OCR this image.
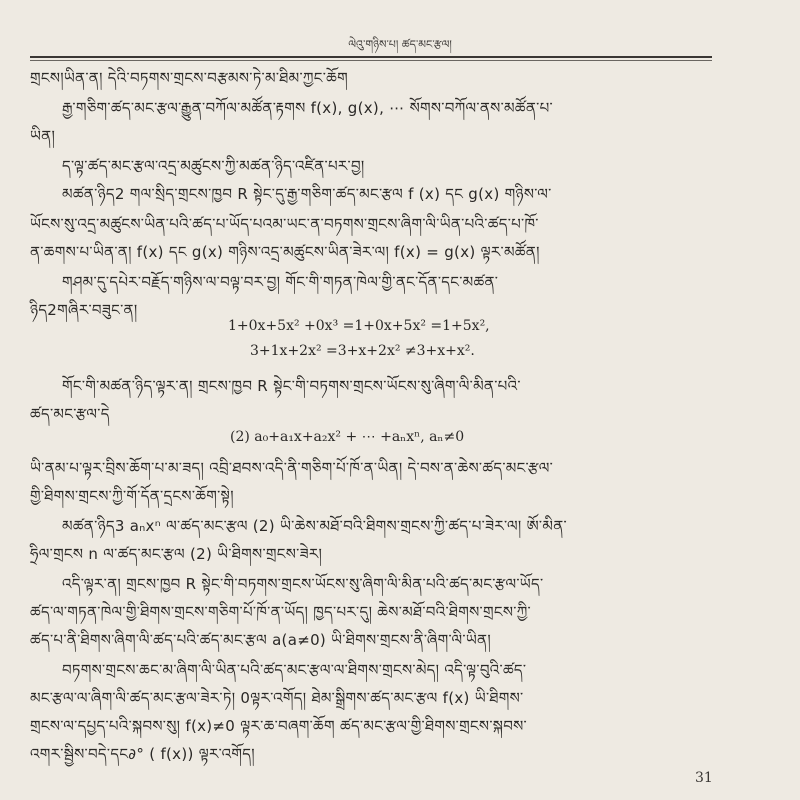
ལེའུ་གཉིས་པ། ཚད་མང་རྩལ།
གྲངས།ཡིན་ན། དེའི་བཏགས་གྲངས་བརྩམས་ཏེ་མ་ཐིམ་ཀྱང་ཆོག
རྒྱ་གཅིག་ཚད་མང་རྩལ་རྒྱུན་བཀོལ་མཚོན་རྟགས f(x), g(x), ⋯ སོགས་བཀོལ་ནས་མཚོན་པ་
ཡིན།
ད་ལྟ་ཚད་མང་རྩལ་འདྲ་མཚུངས་ཀྱི་མཚན་ཉིད་འཛིན་པར་བྱ།
མཚན་ཉིད2 གལ་སྲིད་གྲངས་ཁྱབ R སྟེང་དུ་རྒྱ་གཅིག་ཚད་མང་རྩལ f (x) དང g(x) གཉིས་ལ་
ཡོངས་སུ་འདྲ་མཚུངས་ཡིན་པའི་ཚད་པ་ཡོད་པའམ་ཡང་ན་བཏགས་གྲངས་ཞིག་ལི་ཡིན་པའི་ཚད་པ་ཁོ་
ན་ཆགས་པ་ཡིན་ན། f(x) དང g(x) གཉིས་འདྲ་མཚུངས་ཡིན་ཟེར་ལ། f(x) = g(x) ལྟར་མཚོན།
གཤམ་དུ་དཔེར་བརྗོད་གཉིས་ལ་བལྟ་བར་བྱ། གོང་གི་གཏན་ཁེལ་གྱི་ནང་དོན་དང་མཚན་
ཉིད2གཞིར་བཟུང་ན།
1+0x+5x² +0x³ =1+0x+5x² =1+5x²,
3+1x+2x² =3+x+2x² ≠3+x+x².
གོང་གི་མཚན་ཉིད་ལྟར་ན། གྲངས་ཁྱབ R སྟེང་གི་བཏགས་གྲངས་ཡོངས་སུ་ཞིག་ལི་མིན་པའི་
ཚད་མང་རྩལ་དེ
(2) a₀+a₁x+a₂x² + ⋯ +aₙxⁿ, aₙ≠0
ཡི་ནམ་པ་ལྟར་བྲིས་ཆོག་པ་མ་ཟད། འབྲི་ཐབས་འདི་ནི་གཅིག་པོ་ཁོ་ན་ཡིན། དེ་བས་ན་ཆེས་ཚད་མང་རྩལ་
གྱི་ཐིགས་གྲངས་ཀྱི་གོ་དོན་དྲངས་ཆོག་སྟེ།
མཚན་ཉིད3 aₙxⁿ ལ་ཚད་མང་རྩལ (2) ཡི་ཆེས་མཐོ་བའི་ཐིགས་གྲངས་ཀྱི་ཚད་པ་ཟེར་ལ། ཨོ་མིན་
ཧྲིལ་གྲངས n ལ་ཚད་མང་རྩལ (2) ཡི་ཐིགས་གྲངས་ཟེར།
འདི་ལྟར་ན། གྲངས་ཁྱབ R སྟེང་གི་བཏགས་གྲངས་ཡོངས་སུ་ཞིག་ལི་མིན་པའི་ཚད་མང་རྩལ་ཡོད་
ཚད་ལ་གཏན་ཁེལ་གྱི་ཐིགས་གྲངས་གཅིག་པོ་ཁོ་ན་ཡོད། ཁྱད་པར་དུ། ཆེས་མཐོ་བའི་ཐིགས་གྲངས་ཀྱི་
ཚད་པ་ནི་ཐིགས་ཞིག་ལི་ཚད་པའི་ཚད་མང་རྩལ a(a≠0) ཡི་ཐིགས་གྲངས་ནི་ཞིག་ལི་ཡིན།
བཏགས་གྲངས་ཆང་མ་ཞིག་ལི་ཡིན་པའི་ཚད་མང་རྩལ་ལ་ཐིགས་གྲངས་མེད། འདི་ལྟ་བུའི་ཚད་
མང་རྩལ་ལ་ཞིག་ལི་ཚད་མང་རྩལ་ཟེར་ཏེ། 0ལྟར་འགོད། ཐེམ་སྒྲིགས་ཚད་མང་རྩལ f(x) ཡི་ཐིགས་
གྲངས་ལ་དཔྱད་པའི་སྐབས་སུ། f(x)≠0 ལྟར་ཆ་བཞག་ཆོག ཚད་མང་རྩལ་གྱི་ཐིགས་གྲངས་སྐབས་
འགར་སྦྱིས་བདེ་དང∂° ( f(x)) ལྟར་འགོད།
31
